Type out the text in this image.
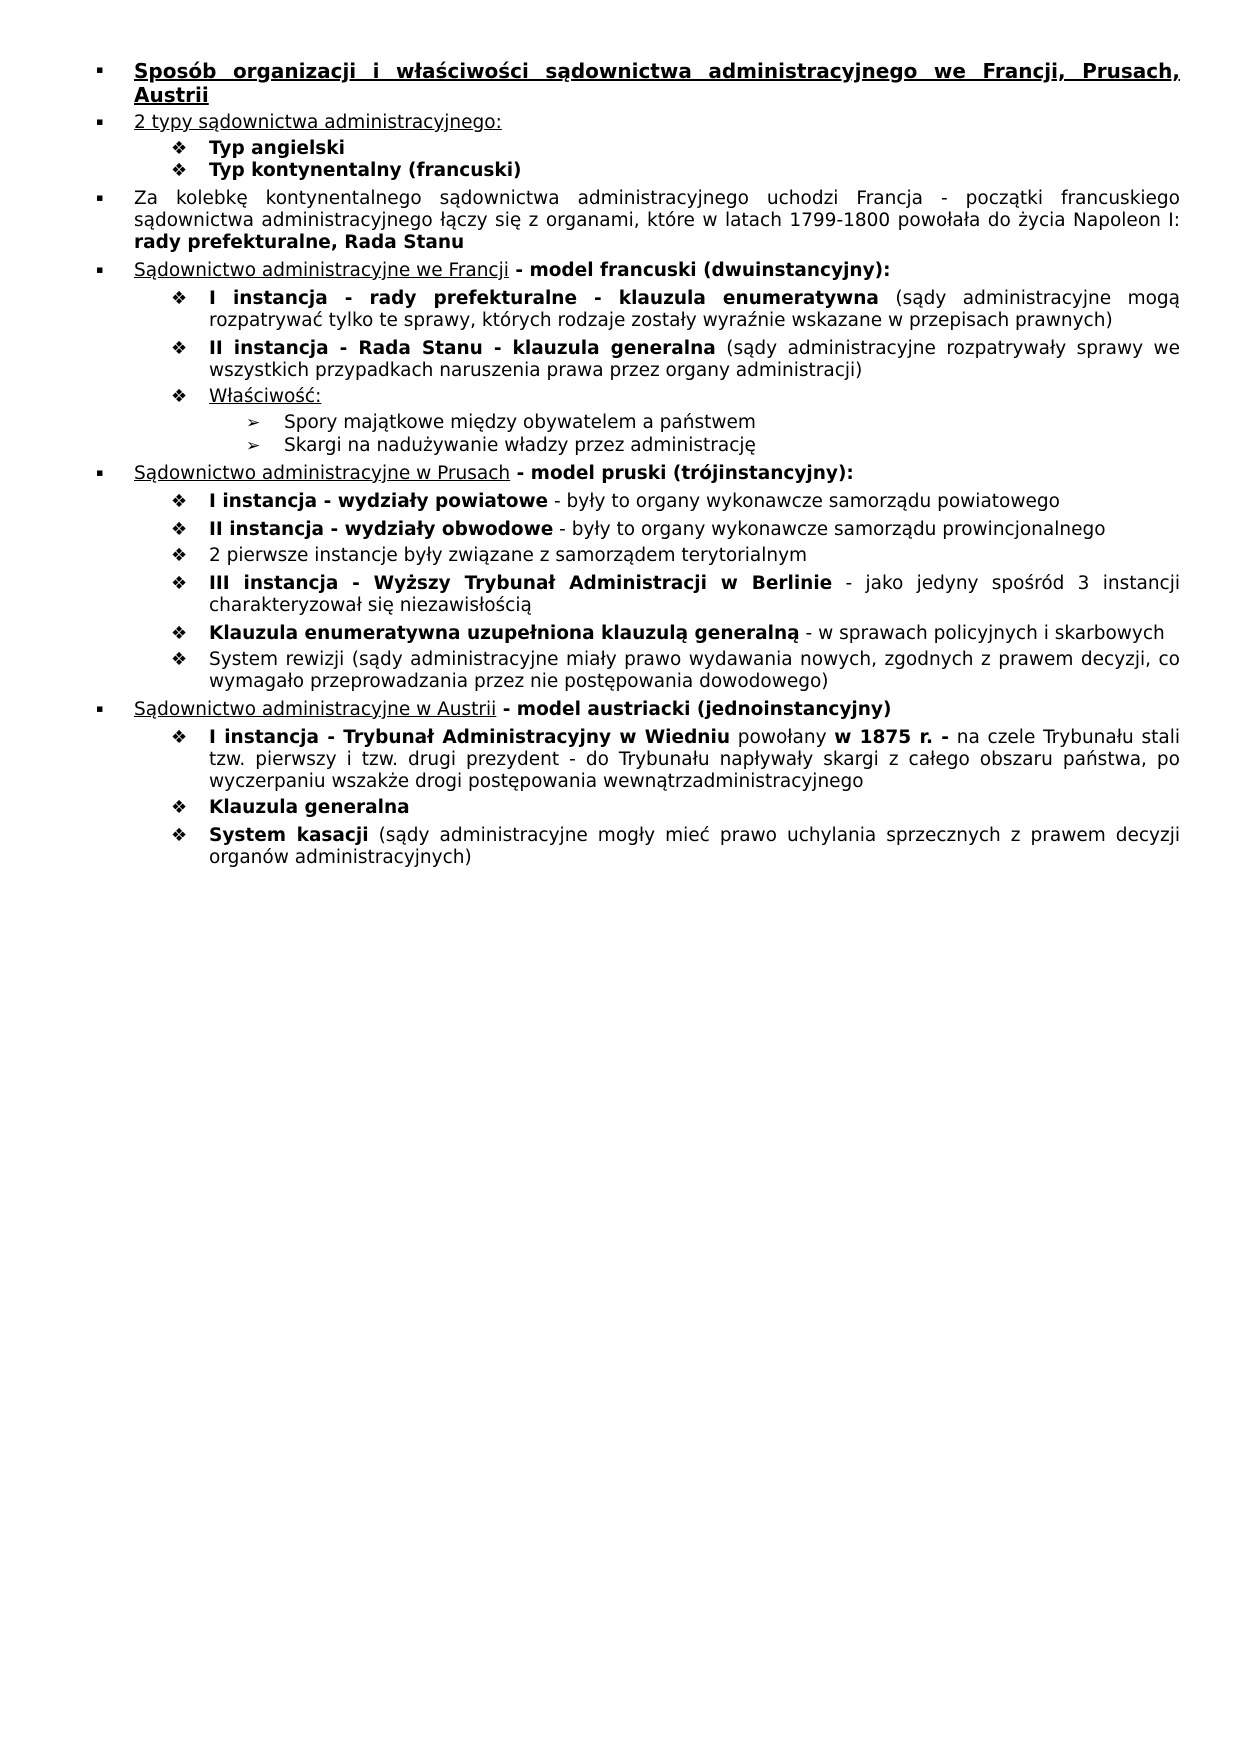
▪ Sposób organizacji i właściwości sądownictwa administracyjnego we Francji, Prusach, Austrii
▪ 2 typy sądownictwa administracyjnego:
❖ Typ angielski
❖ Typ kontynentalny (francuski)
▪ Za kolebkę kontynentalnego sądownictwa administracyjnego uchodzi Francja - początki francuskiego sądownictwa administracyjnego łączy się z organami, które w latach 1799-1800 powołała do życia Napoleon I: rady prefekturalne, Rada Stanu
▪ Sądownictwo administracyjne we Francji - model francuski (dwuinstancyjny):
❖ I instancja - rady prefekturalne - klauzula enumeratywna (sądy administracyjne mogą rozpatrywać tylko te sprawy, których rodzaje zostały wyraźnie wskazane w przepisach prawnych)
❖ II instancja - Rada Stanu - klauzula generalna (sądy administracyjne rozpatrywały sprawy we wszystkich przypadkach naruszenia prawa przez organy administracji)
❖ Właściwość:
➢ Spory majątkowe między obywatelem a państwem
➢ Skargi na nadużywanie władzy przez administrację
▪ Sądownictwo administracyjne w Prusach - model pruski (trójinstancyjny):
❖ I instancja - wydziały powiatowe - były to organy wykonawcze samorządu powiatowego
❖ II instancja - wydziały obwodowe - były to organy wykonawcze samorządu prowincjonalnego
❖ 2 pierwsze instancje były związane z samorządem terytorialnym
❖ III instancja - Wyższy Trybunał Administracji w Berlinie - jako jedyny spośród 3 instancji charakteryzował się niezawisłością
❖ Klauzula enumeratywna uzupełniona klauzulą generalną - w sprawach policyjnych i skarbowych
❖ System rewizji (sądy administracyjne miały prawo wydawania nowych, zgodnych z prawem decyzji, co wymagało przeprowadzania przez nie postępowania dowodowego)
▪ Sądownictwo administracyjne w Austrii - model austriacki (jednoinstancyjny)
❖ I instancja - Trybunał Administracyjny w Wiedniu powołany w 1875 r. - na czele Trybunału stali tzw. pierwszy i tzw. drugi prezydent - do Trybunału napływały skargi z całego obszaru państwa, po wyczerpaniu wszakże drogi postępowania wewnątrzadministracyjnego
❖ Klauzula generalna
❖ System kasacji (sądy administracyjne mogły mieć prawo uchylania sprzecznych z prawem decyzji organów administracyjnych)
